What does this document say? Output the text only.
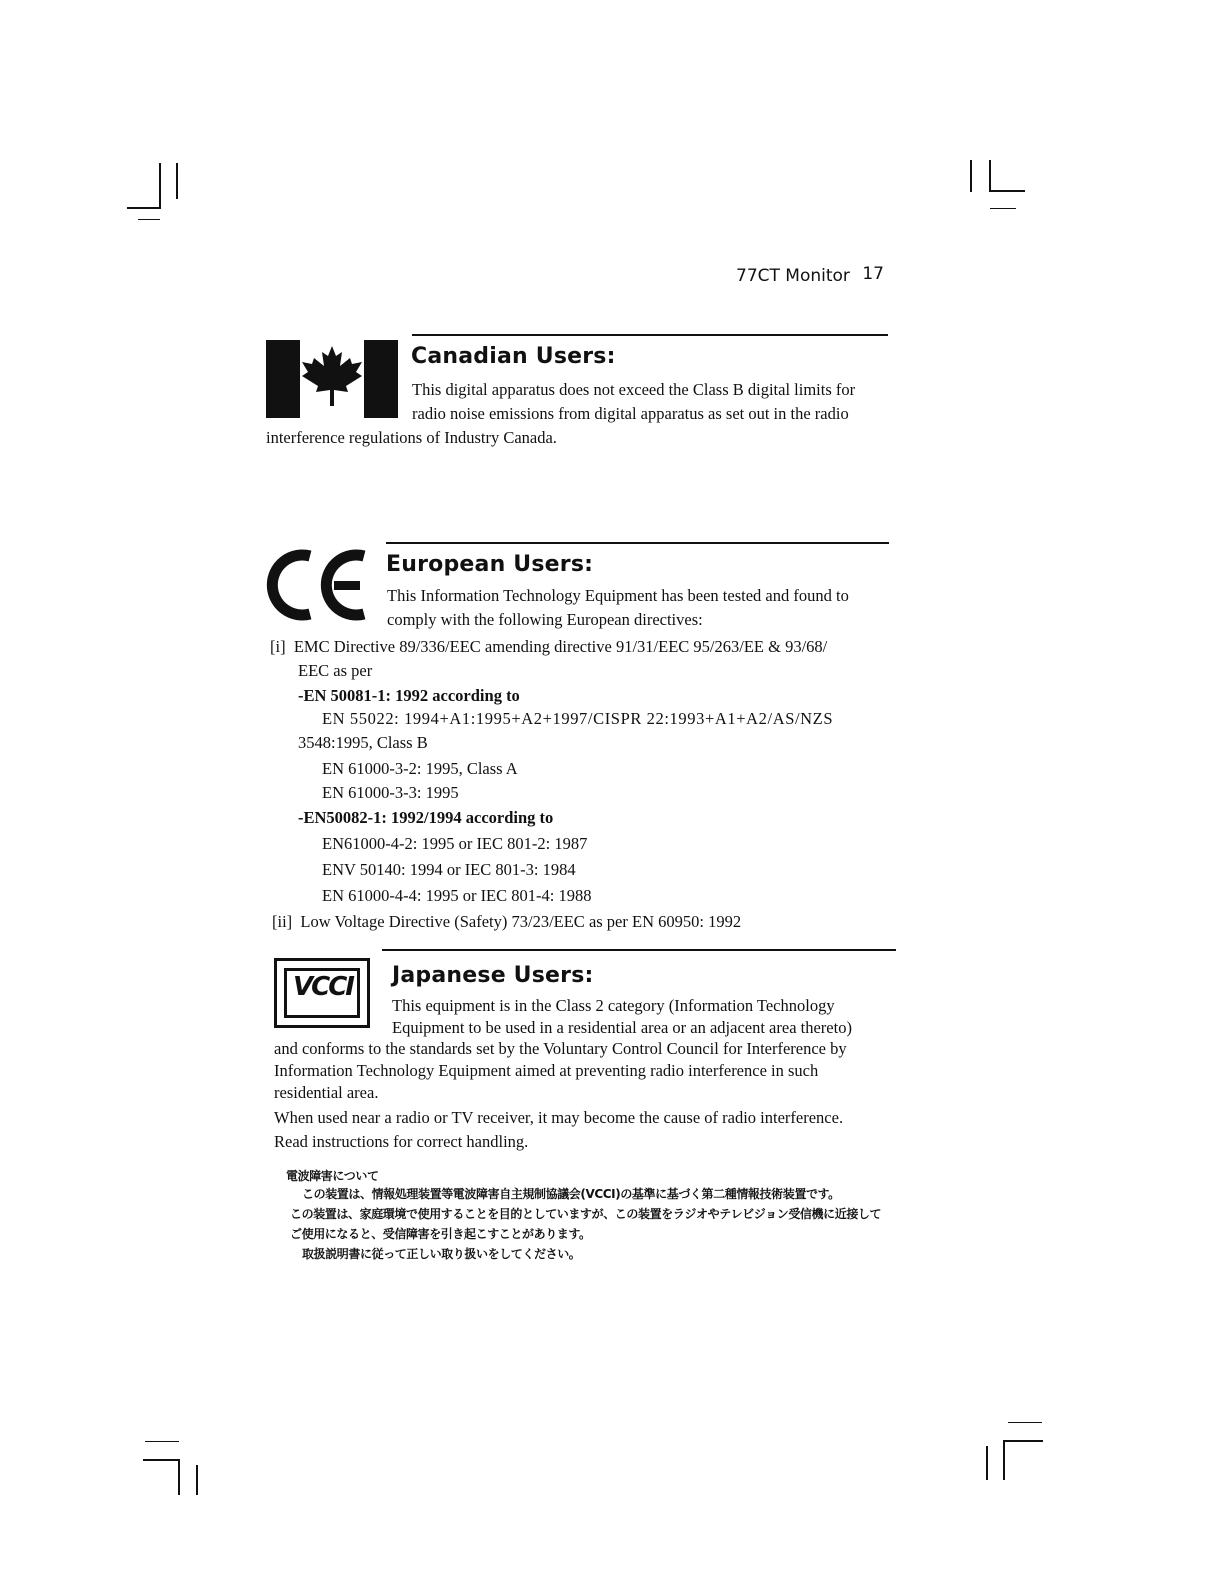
77CT Monitor 17
Canadian Users:
This digital apparatus does not exceed the Class B digital limits for
radio noise emissions from digital apparatus as set out in the radio
interference regulations of Industry Canada.
European Users:
This Information Technology Equipment has been tested and found to
comply with the following European directives:
[i]  EMC Directive 89/336/EEC amending directive 91/31/EEC 95/263/EE & 93/68/
EEC as per
-EN 50081-1: 1992 according to
EN 55022: 1994+A1:1995+A2+1997/CISPR 22:1993+A1+A2/AS/NZS
3548:1995, Class B
EN 61000-3-2: 1995, Class A
EN 61000-3-3: 1995
-EN50082-1: 1992/1994 according to
EN61000-4-2: 1995 or IEC 801-2: 1987
ENV 50140: 1994 or IEC 801-3: 1984
EN 61000-4-4: 1995 or IEC 801-4: 1988
[ii]  Low Voltage Directive (Safety) 73/23/EEC as per EN 60950: 1992
VCCI	Japanese Users:
This equipment is in the Class 2 category (Information Technology
Equipment to be used in a residential area or an adjacent area thereto)
and conforms to the standards set by the Voluntary Control Council for Interference by
Information Technology Equipment aimed at preventing radio interference in such
residential area.
When used near a radio or TV receiver, it may become the cause of radio interference.
Read instructions for correct handling.
電波障害について
この装置は、情報処理装置等電波障害自主規制協議会(VCCI)の基準に基づく第二種情報技術装置です。
この装置は、家庭環境で使用することを目的としていますが、この装置をラジオやテレビジョン受信機に近接して
ご使用になると、受信障害を引き起こすことがあります。
取扱説明書に従って正しい取り扱いをしてください。
